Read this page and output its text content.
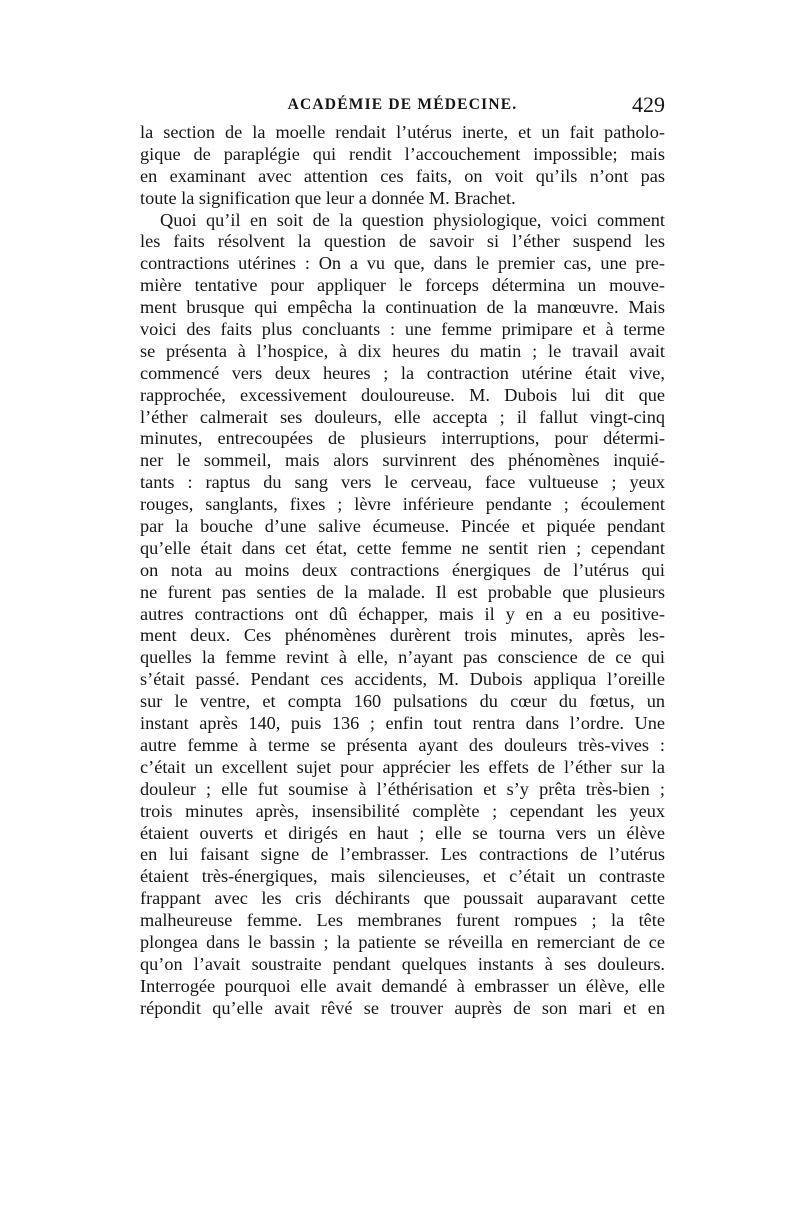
ACADÉMIE DE MÉDECINE.	429
la section de la moelle rendait l’utérus inerte, et un fait patholo-
gique de paraplégie qui rendit l’accouchement impossible; mais
en examinant avec attention ces faits, on voit qu’ils n’ont pas
toute la signification que leur a donnée M. Brachet.
Quoi qu’il en soit de la question physiologique, voici comment
les faits résolvent la question de savoir si l’éther suspend les
contractions utérines : On a vu que, dans le premier cas, une pre-
mière tentative pour appliquer le forceps détermina un mouve-
ment brusque qui empêcha la continuation de la manœuvre. Mais
voici des faits plus concluants : une femme primipare et à terme
se présenta à l’hospice, à dix heures du matin ; le travail avait
commencé vers deux heures ; la contraction utérine était vive,
rapprochée, excessivement douloureuse. M. Dubois lui dit que
l’éther calmerait ses douleurs, elle accepta ; il fallut vingt-cinq
minutes, entrecoupées de plusieurs interruptions, pour détermi-
ner le sommeil, mais alors survinrent des phénomènes inquié-
tants : raptus du sang vers le cerveau, face vultueuse ; yeux
rouges, sanglants, fixes ; lèvre inférieure pendante ; écoulement
par la bouche d’une salive écumeuse. Pincée et piquée pendant
qu’elle était dans cet état, cette femme ne sentit rien ; cependant
on nota au moins deux contractions énergiques de l’utérus qui
ne furent pas senties de la malade. Il est probable que plusieurs
autres contractions ont dû échapper, mais il y en a eu positive-
ment deux. Ces phénomènes durèrent trois minutes, après les-
quelles la femme revint à elle, n’ayant pas conscience de ce qui
s’était passé. Pendant ces accidents, M. Dubois appliqua l’oreille
sur le ventre, et compta 160 pulsations du cœur du fœtus, un
instant après 140, puis 136 ; enfin tout rentra dans l’ordre. Une
autre femme à terme se présenta ayant des douleurs très-vives :
c’était un excellent sujet pour apprécier les effets de l’éther sur la
douleur ; elle fut soumise à l’éthérisation et s’y prêta très-bien ;
trois minutes après, insensibilité complète ; cependant les yeux
étaient ouverts et dirigés en haut ; elle se tourna vers un élève
en lui faisant signe de l’embrasser. Les contractions de l’utérus
étaient très-énergiques, mais silencieuses, et c’était un contraste
frappant avec les cris déchirants que poussait auparavant cette
malheureuse femme. Les membranes furent rompues ; la tête
plongea dans le bassin ; la patiente se réveilla en remerciant de ce
qu’on l’avait soustraite pendant quelques instants à ses douleurs.
Interrogée pourquoi elle avait demandé à embrasser un élève, elle
répondit qu’elle avait rêvé se trouver auprès de son mari et en
